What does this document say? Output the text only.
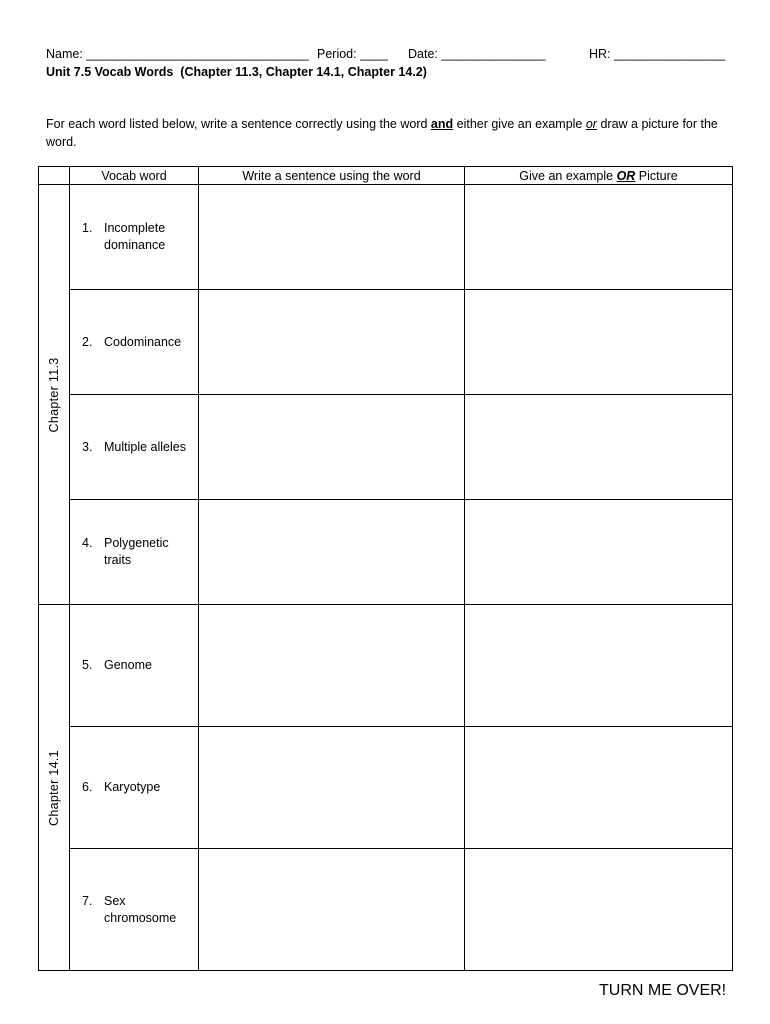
Name: ________________________________ Period: ____ Date: _______________	HR: ________________
Unit 7.5 Vocab Words  (Chapter 11.3, Chapter 14.1, Chapter 14.2)
For each word listed below, write a sentence correctly using the word and either give an example or draw a picture for the word.
	Vocab word	Write a sentence using the word	Give an example OR Picture

Chapter 11.3	1. Incomplete dominance		

	2. Codominance		

	3. Multiple alleles		

	4. Polygenetic traits		

Chapter 14.1	5. Genome		

	6. Karyotype		

	7. Sex chromosome		

TURN ME OVER!
